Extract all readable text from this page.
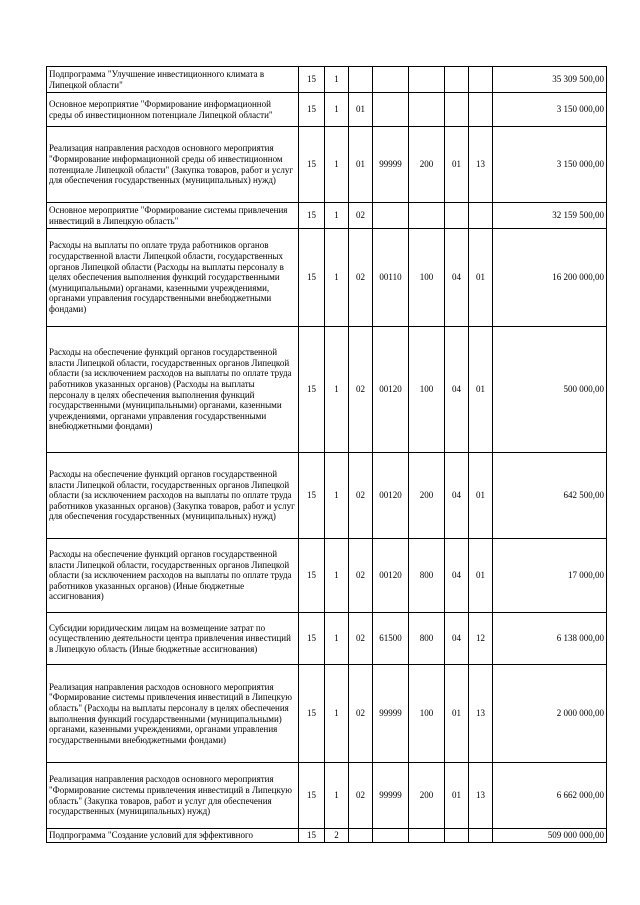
Подпрограмма "Улучшение инвестиционного климата в Липецкой области"	15	1						35 309 500,00
Основное мероприятие "Формирование информационной среды об инвестиционном потенциале Липецкой области"	15	1	01					3 150 000,00
Реализация направления расходов основного мероприятия "Формирование информационной среды об инвестиционном потенциале Липецкой области" (Закупка товаров, работ и услуг для обеспечения государственных (муниципальных) нужд)	15	1	01	99999	200	01	13	3 150 000,00
Основное мероприятие "Формирование системы привлечения инвестиций в Липецкую область"	15	1	02					32 159 500,00
Расходы на выплаты по оплате труда работников органов государственной власти Липецкой области, государственных органов Липецкой области (Расходы на выплаты персоналу в целях обеспечения выполнения функций государственными (муниципальными) органами, казенными учреждениями, органами управления государственными внебюджетными фондами)	15	1	02	00110	100	04	01	16 200 000,00
Расходы на обеспечение функций органов государственной власти Липецкой области, государственных органов Липецкой области (за исключением расходов на выплаты по оплате труда работников указанных органов) (Расходы на выплаты персоналу в целях обеспечения выполнения функций государственными (муниципальными) органами, казенными учреждениями, органами управления государственными внебюджетными фондами)	15	1	02	00120	100	04	01	500 000,00
Расходы на обеспечение функций органов государственной власти Липецкой области, государственных органов Липецкой области (за исключением расходов на выплаты по оплате труда работников указанных органов) (Закупка товаров, работ и услуг для обеспечения государственных (муниципальных) нужд)	15	1	02	00120	200	04	01	642 500,00
Расходы на обеспечение функций органов государственной власти Липецкой области, государственных органов Липецкой области (за исключением расходов на выплаты по оплате труда работников указанных органов) (Иные бюджетные ассигнования)	15	1	02	00120	800	04	01	17 000,00
Субсидии юридическим лицам на возмещение затрат по осуществлению деятельности центра привлечения инвестиций в Липецкую область (Иные бюджетные ассигнования)	15	1	02	61500	800	04	12	6 138 000,00
Реализация направления расходов основного мероприятия "Формирование системы привлечения инвестиций в Липецкую область" (Расходы на выплаты персоналу в целях обеспечения выполнения функций государственными (муниципальными) органами, казенными учреждениями, органами управления государственными внебюджетными фондами)	15	1	02	99999	100	01	13	2 000 000,00
Реализация направления расходов основного мероприятия "Формирование системы привлечения инвестиций в Липецкую область" (Закупка товаров, работ и услуг для обеспечения государственных (муниципальных) нужд)	15	1	02	99999	200	01	13	6 662 000,00
Подпрограмма "Создание условий для эффективного	15	2						509 000 000,00
